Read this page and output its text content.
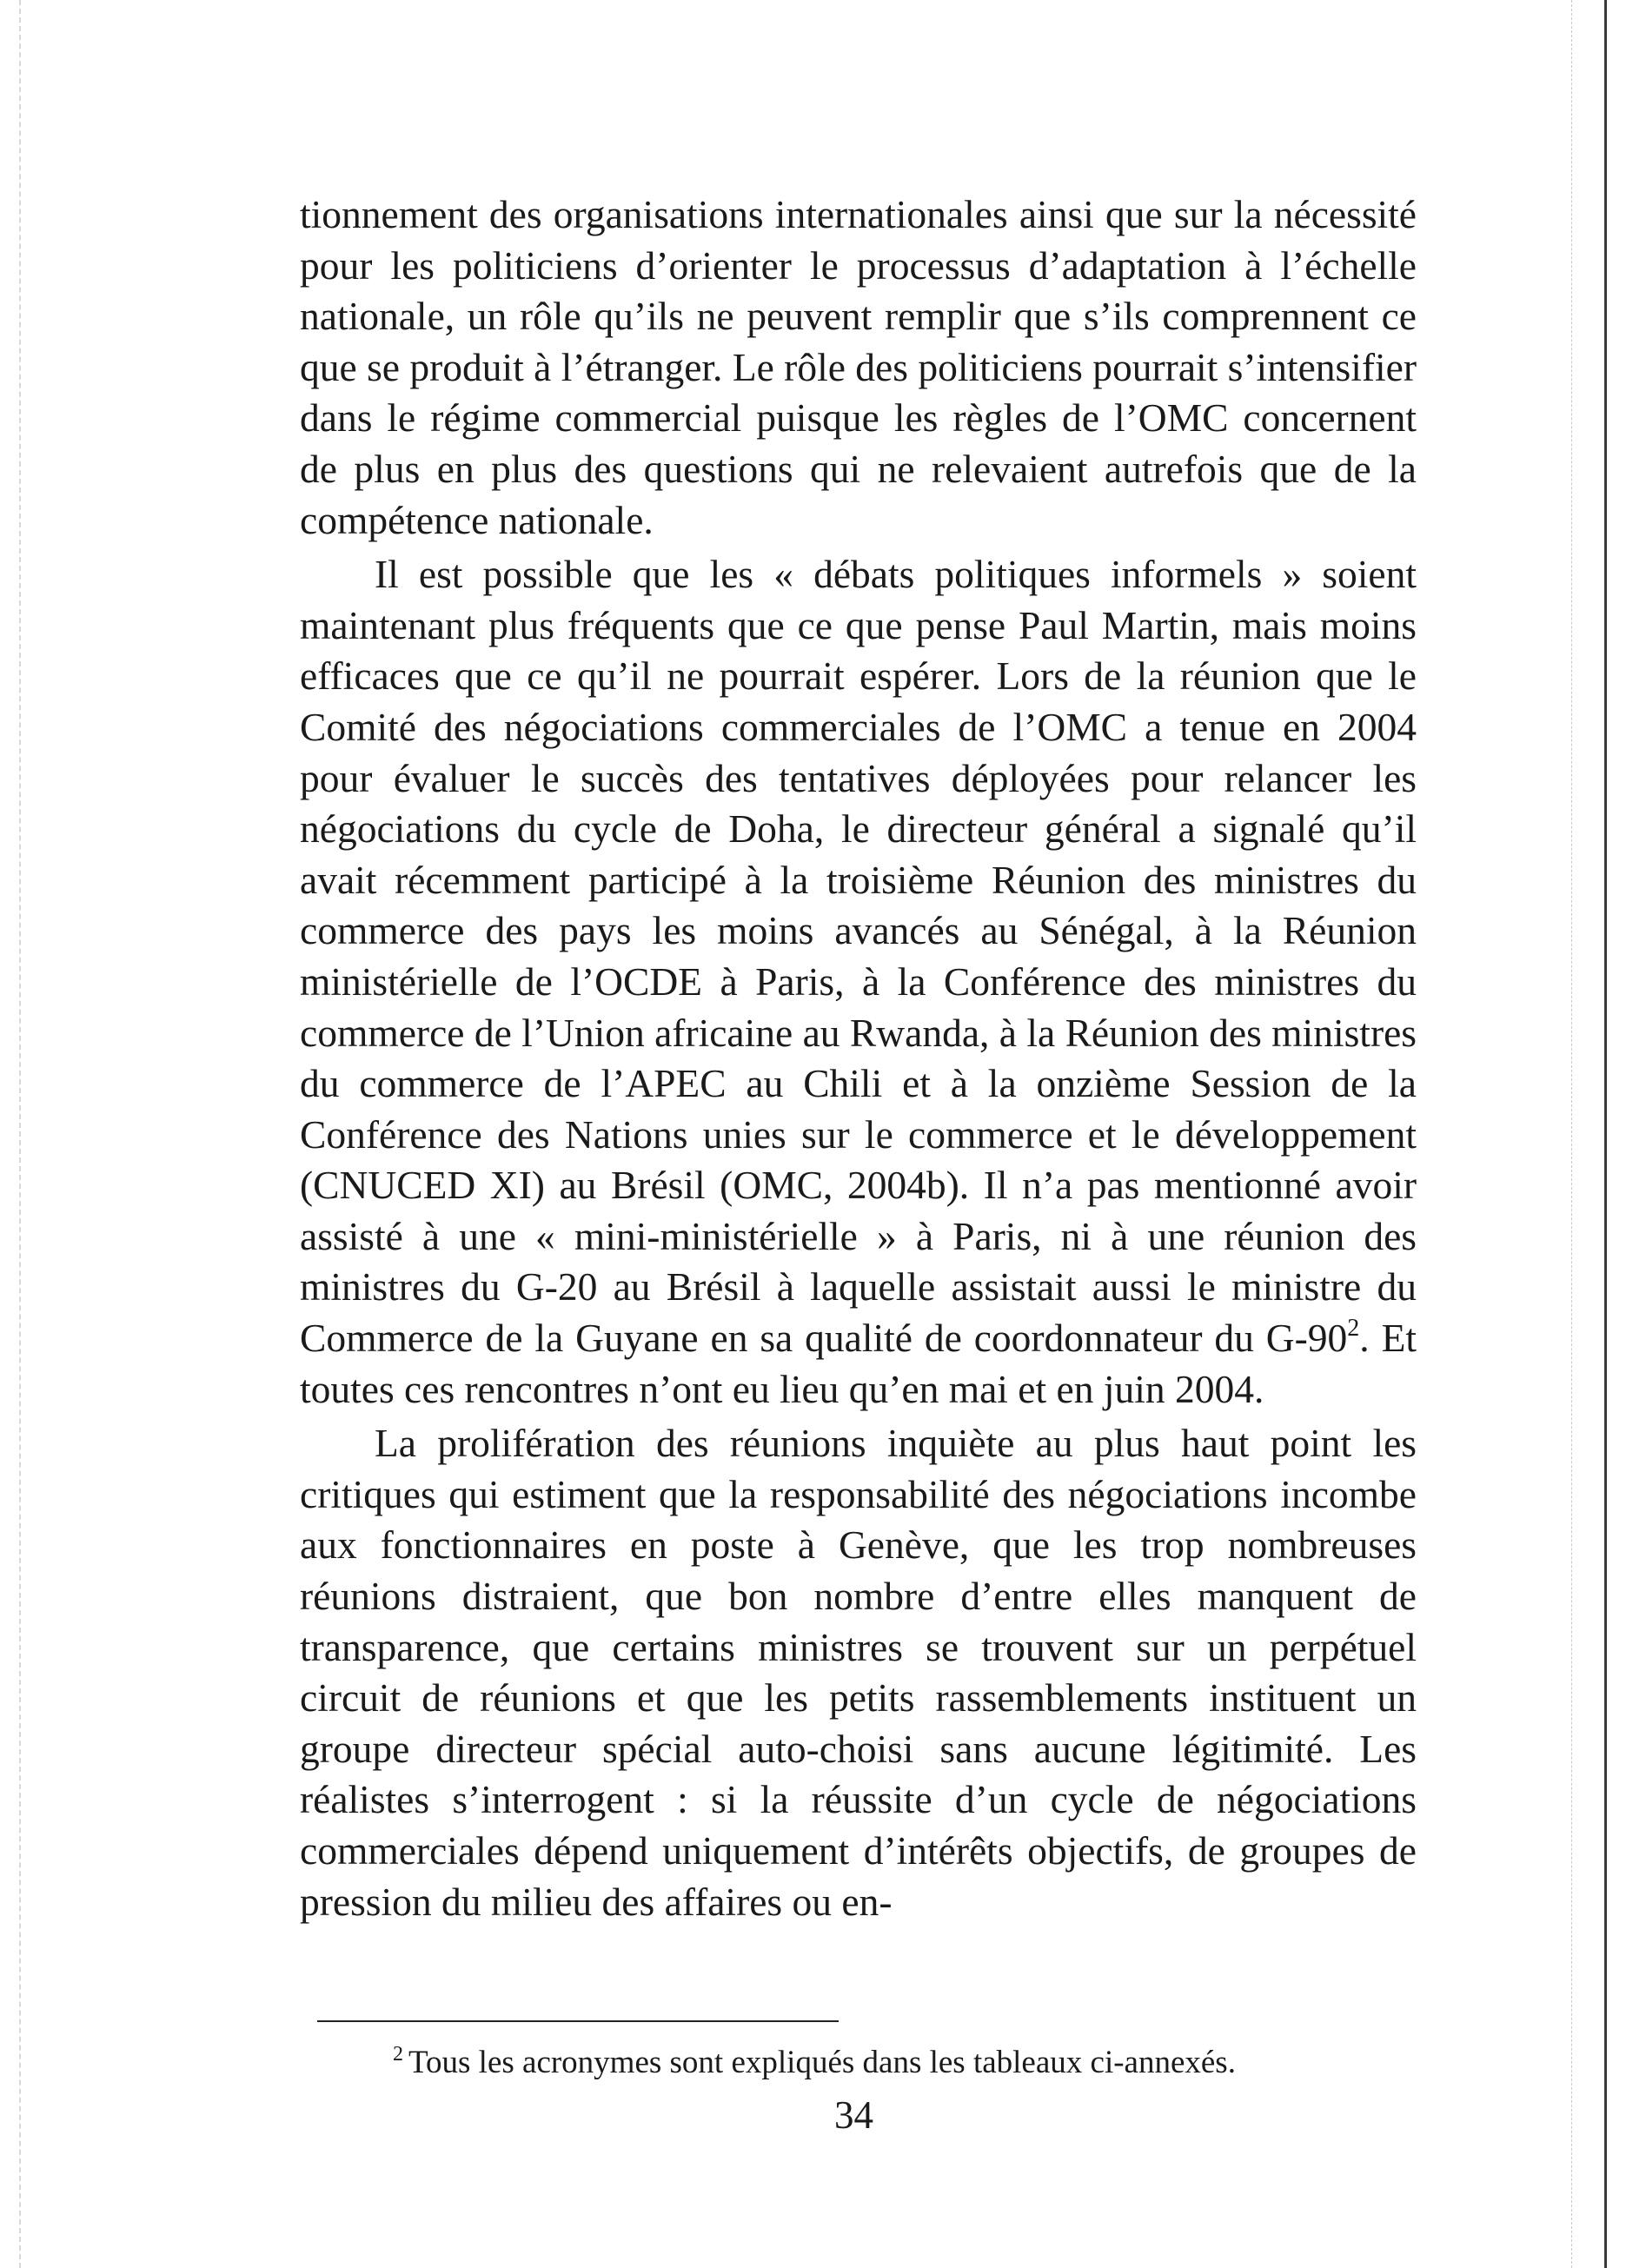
tionnement des organisations internationales ainsi que sur la nécessité pour les politiciens d’orienter le processus d’adaptation à l’échelle nationale, un rôle qu’ils ne peuvent remplir que s’ils comprennent ce que se produit à l’étranger. Le rôle des politiciens pourrait s’intensifier dans le régime commercial puisque les règles de l’OMC concernent de plus en plus des questions qui ne relevaient autrefois que de la compétence nationale.

Il est possible que les « débats politiques informels » soient maintenant plus fréquents que ce que pense Paul Martin, mais moins efficaces que ce qu’il ne pourrait espérer. Lors de la réunion que le Comité des négociations commerciales de l’OMC a tenue en 2004 pour évaluer le succès des tentatives déployées pour relancer les négociations du cycle de Doha, le directeur général a signalé qu’il avait récemment participé à la troisième Réunion des ministres du commerce des pays les moins avancés au Sénégal, à la Réunion ministérielle de l’OCDE à Paris, à la Conférence des ministres du commerce de l’Union africaine au Rwanda, à la Réunion des ministres du commerce de l’APEC au Chili et à la onzième Session de la Conférence des Nations unies sur le commerce et le développement (CNUCED XI) au Brésil (OMC, 2004b). Il n’a pas mentionné avoir assisté à une « mini-ministérielle » à Paris, ni à une réunion des ministres du G-20 au Brésil à laquelle assistait aussi le ministre du Commerce de la Guyane en sa qualité de coordonnateur du G-90$^2$. Et toutes ces rencontres n’ont eu lieu qu’en mai et en juin 2004.

La prolifération des réunions inquiète au plus haut point les critiques qui estiment que la responsabilité des négociations incombe aux fonctionnaires en poste à Genève, que les trop nombreuses réunions distraient, que bon nombre d’entre elles manquent de transparence, que certains ministres se trouvent sur un perpétuel circuit de réunions et que les petits rassemblements instituent un groupe directeur spécial auto-choisi sans aucune légitimité. Les réalistes s’interrogent : si la réussite d’un cycle de négociations commerciales dépend uniquement d’intérêts objectifs, de groupes de pression du milieu des affaires ou en-

$^2$ Tous les acronymes sont expliqués dans les tableaux ci-annexés.
34
